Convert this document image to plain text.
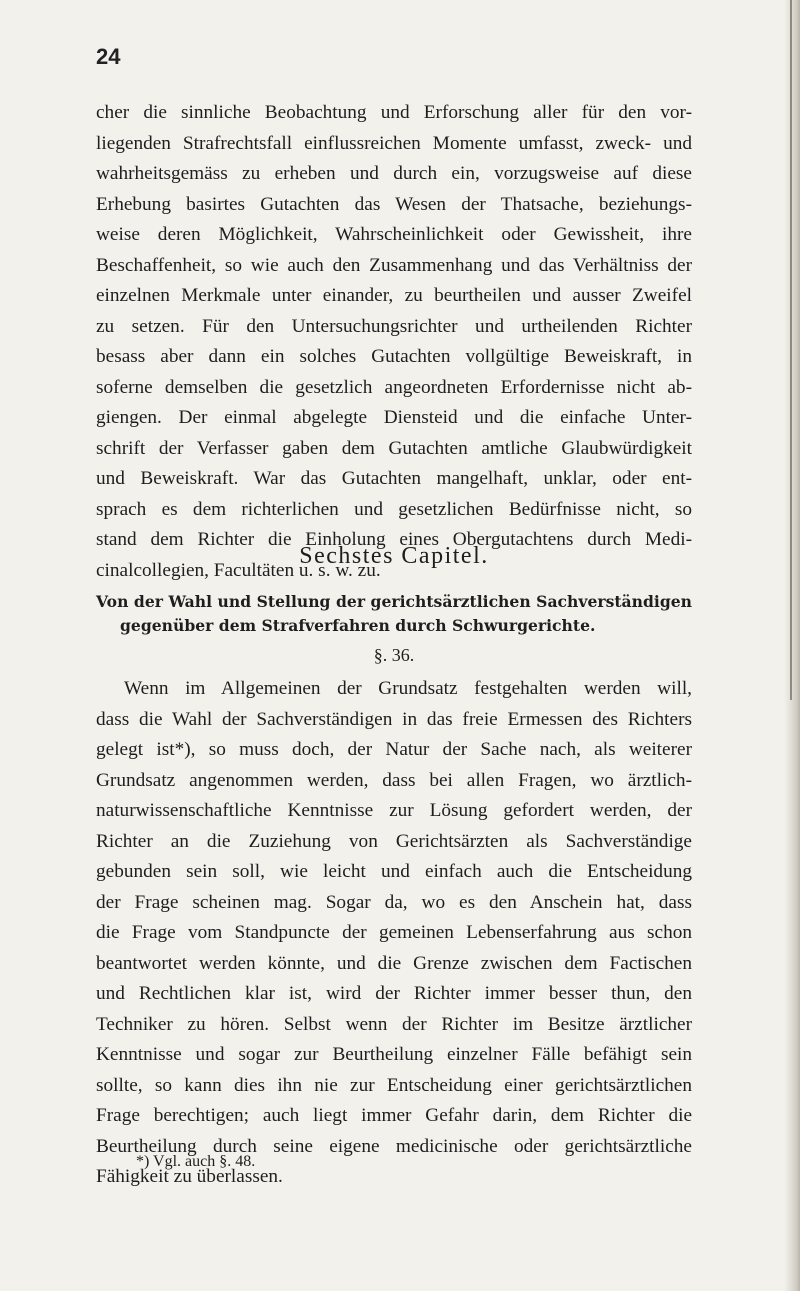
24
cher die sinnliche Beobachtung und Erforschung aller für den vor-
liegenden Strafrechtsfall einflussreichen Momente umfasst, zweck- und
wahrheitsgemäss zu erheben und durch ein, vorzugsweise auf diese
Erhebung basirtes Gutachten das Wesen der Thatsache, beziehungs-
weise deren Möglichkeit, Wahrscheinlichkeit oder Gewissheit, ihre
Beschaffenheit, so wie auch den Zusammenhang und das Verhältniss der
einzelnen Merkmale unter einander, zu beurtheilen und ausser Zweifel
zu setzen. Für den Untersuchungsrichter und urtheilenden Richter
besass aber dann ein solches Gutachten vollgültige Beweiskraft, in
soferne demselben die gesetzlich angeordneten Erfordernisse nicht ab-
giengen. Der einmal abgelegte Diensteid und die einfache Unter-
schrift der Verfasser gaben dem Gutachten amtliche Glaubwürdigkeit
und Beweiskraft. War das Gutachten mangelhaft, unklar, oder ent-
sprach es dem richterlichen und gesetzlichen Bedürfnisse nicht, so
stand dem Richter die Einholung eines Obergutachtens durch Medi-
cinalcollegien, Facultäten u. s. w. zu.
Sechstes Capitel.
Von der Wahl und Stellung der gerichtsärztlichen Sachverständigen
gegenüber dem Strafverfahren durch Schwurgerichte.
§. 36.
Wenn im Allgemeinen der Grundsatz festgehalten werden will,
dass die Wahl der Sachverständigen in das freie Ermessen des Richters
gelegt ist*), so muss doch, der Natur der Sache nach, als weiterer
Grundsatz angenommen werden, dass bei allen Fragen, wo ärztlich-
naturwissenschaftliche Kenntnisse zur Lösung gefordert werden, der
Richter an die Zuziehung von Gerichtsärzten als Sachverständige
gebunden sein soll, wie leicht und einfach auch die Entscheidung
der Frage scheinen mag. Sogar da, wo es den Anschein hat, dass
die Frage vom Standpuncte der gemeinen Lebenserfahrung aus schon
beantwortet werden könnte, und die Grenze zwischen dem Factischen
und Rechtlichen klar ist, wird der Richter immer besser thun, den
Techniker zu hören. Selbst wenn der Richter im Besitze ärztlicher
Kenntnisse und sogar zur Beurtheilung einzelner Fälle befähigt sein
sollte, so kann dies ihn nie zur Entscheidung einer gerichtsärztlichen
Frage berechtigen; auch liegt immer Gefahr darin, dem Richter die
Beurtheilung durch seine eigene medicinische oder gerichtsärztliche
Fähigkeit zu überlassen.
*) Vgl. auch §. 48.
